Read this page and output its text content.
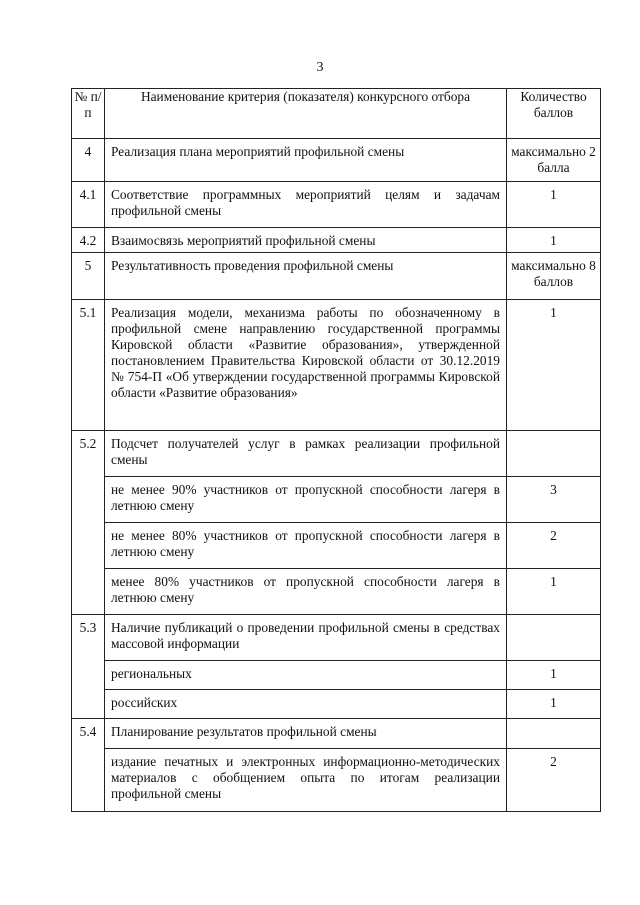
3
№ п/п	Наименование критерия (показателя) конкурсного отбора	Количество баллов
4	Реализация плана мероприятий профильной смены	максимально 2 балла
4.1	Соответствие программных мероприятий целям и задачам профильной смены	1
4.2	Взаимосвязь мероприятий профильной смены	1
5	Результативность проведения профильной смены	максимально 8 баллов
5.1	Реализация модели, механизма работы по обозначенному в профильной смене направлению государственной программы Кировской области «Развитие образования», утвержденной постановлением Правительства Кировской области от 30.12.2019 № 754-П «Об утверждении государственной программы Кировской области «Развитие образования»	1
5.2	Подсчет получателей услуг в рамках реализации профильной смены	
	не менее 90% участников от пропускной способности лагеря в летнюю смену	3
	не менее 80% участников от пропускной способности лагеря в летнюю смену	2
	менее 80% участников от пропускной способности лагеря в летнюю смену	1
5.3	Наличие публикаций о проведении профильной смены в средствах массовой информации	
	региональных	1
	российских	1
5.4	Планирование результатов профильной смены	
	издание печатных и электронных информационно-методических материалов с обобщением опыта по итогам реализации профильной смены	2
